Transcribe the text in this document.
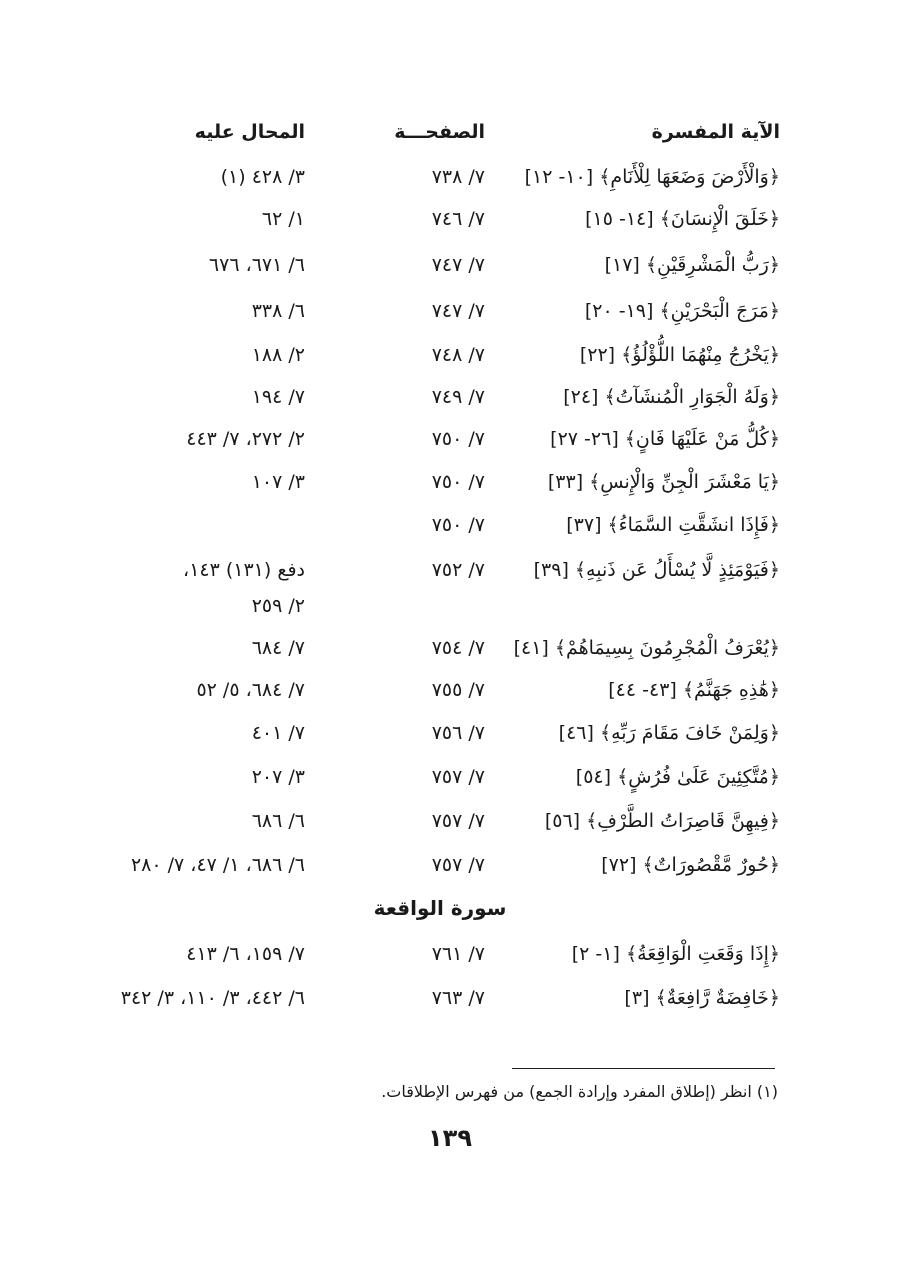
الآية المفسرة
الصفحـــة
المحال عليه
﴿وَالْأَرْضَ وَضَعَهَا لِلْأَنَامِ﴾ [١٠- ١٢]
٧/ ٧٣٨
٣/ ٤٢٨ (١)
﴿خَلَقَ الْإِنسَانَ﴾ [١٤- ١٥]
٧/ ٧٤٦
١/ ٦٢
﴿رَبُّ الْمَشْرِقَيْنِ﴾ [١٧]
٧/ ٧٤٧
٦/ ٦٧١، ٦٧٦
﴿مَرَجَ الْبَحْرَيْنِ﴾ [١٩- ٢٠]
٧/ ٧٤٧
٦/ ٣٣٨
﴿يَخْرُجُ مِنْهُمَا اللُّؤْلُؤُ﴾ [٢٢]
٧/ ٧٤٨
٢/ ١٨٨
﴿وَلَهُ الْجَوَارِ الْمُنشَآتُ﴾ [٢٤]
٧/ ٧٤٩
٧/ ١٩٤
﴿كُلُّ مَنْ عَلَيْهَا فَانٍ﴾ [٢٦- ٢٧]
٧/ ٧٥٠
٢/ ٢٧٢، ٧/ ٤٤٣
﴿يَا مَعْشَرَ الْجِنِّ وَالْإِنسِ﴾ [٣٣]
٧/ ٧٥٠
٣/ ١٠٧
﴿فَإِذَا انشَقَّتِ السَّمَاءُ﴾ [٣٧]
٧/ ٧٥٠
﴿فَيَوْمَئِذٍ لَّا يُسْأَلُ عَن ذَنبِهِ﴾ [٣٩]
٧/ ٧٥٢
دفع (١٣١) ١٤٣،
٢/ ٢٥٩
﴿يُعْرَفُ الْمُجْرِمُونَ بِسِيمَاهُمْ﴾ [٤١]
٧/ ٧٥٤
٧/ ٦٨٤
﴿هَٰذِهِ جَهَنَّمُ﴾ [٤٣- ٤٤]
٧/ ٧٥٥
٧/ ٦٨٤، ٥/ ٥٢
﴿وَلِمَنْ خَافَ مَقَامَ رَبِّهِ﴾ [٤٦]
٧/ ٧٥٦
٧/ ٤٠١
﴿مُتَّكِئِينَ عَلَىٰ فُرُشٍ﴾ [٥٤]
٧/ ٧٥٧
٣/ ٢٠٧
﴿فِيهِنَّ قَاصِرَاتُ الطَّرْفِ﴾ [٥٦]
٧/ ٧٥٧
٦/ ٦٨٦
﴿حُورٌ مَّقْصُورَاتٌ﴾ [٧٢]
٧/ ٧٥٧
٦/ ٦٨٦، ١/ ٤٧، ٧/ ٢٨٠
سورة الواقعة
﴿إِذَا وَقَعَتِ الْوَاقِعَةُ﴾ [١- ٢]
٧/ ٧٦١
٧/ ١٥٩، ٦/ ٤١٣
﴿خَافِضَةٌ رَّافِعَةٌ﴾ [٣]
٧/ ٧٦٣
٦/ ٤٤٢، ٣/ ١١٠، ٣/ ٣٤٢
(١) انظر (إطلاق المفرد وإرادة الجمع) من فهرس الإطلاقات.
١٣٩
